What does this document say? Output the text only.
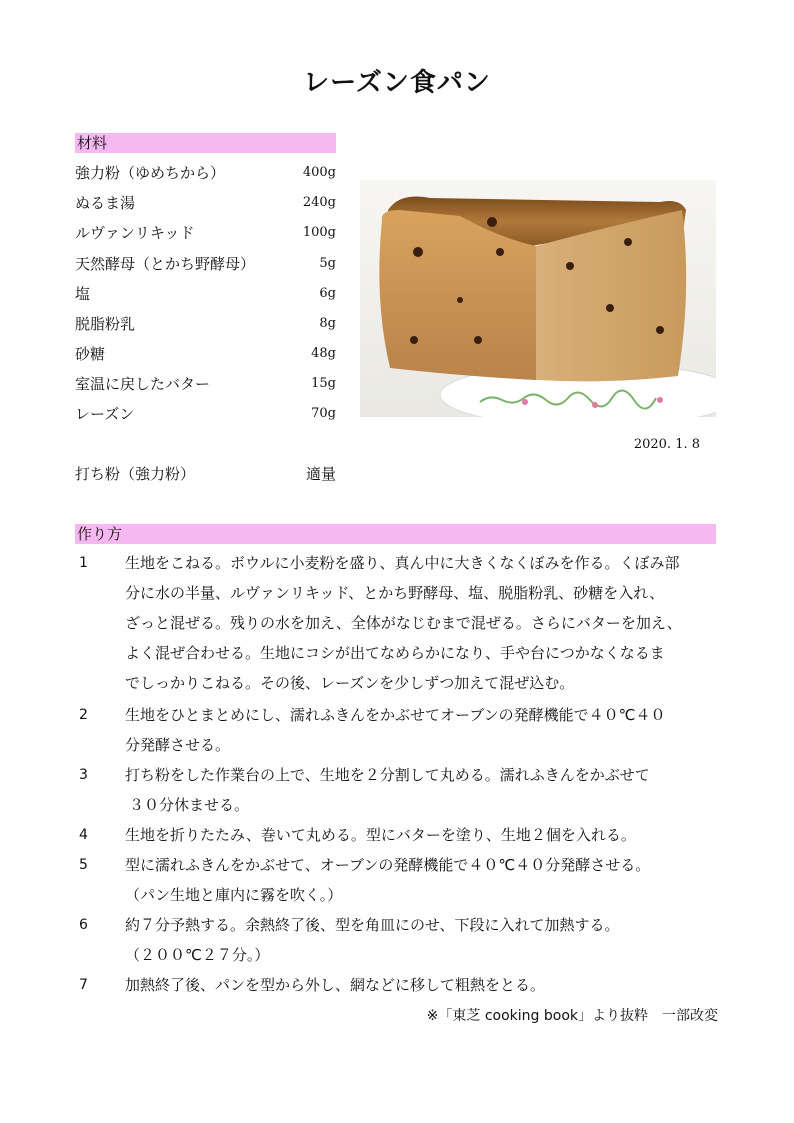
レーズン食パン
材料
強力粉（ゆめちから）	400g
ぬるま湯	240g
ルヴァンリキッド	100g
天然酵母（とかち野酵母）	5g
塩	6g
脱脂粉乳	8g
砂糖	48g
室温に戻したバター	15g
レーズン	70g
打ち粉（強力粉）	適量
2020. 1. 8
作り方
1 生地をこねる。ボウルに小麦粉を盛り、真ん中に大きくなくぼみを作る。くぼみ部
分に水の半量、ルヴァンリキッド、とかち野酵母、塩、脱脂粉乳、砂糖を入れ、
ざっと混ぜる。残りの水を加え、全体がなじむまで混ぜる。さらにバターを加え、
よく混ぜ合わせる。生地にコシが出てなめらかになり、手や台につかなくなるま
でしっかりこねる。その後、レーズンを少しずつ加えて混ぜ込む。
2 生地をひとまとめにし、濡れふきんをかぶせてオーブンの発酵機能で４０℃４０
分発酵させる。
3 打ち粉をした作業台の上で、生地を２分割して丸める。濡れふきんをかぶせて
３０分休ませる。
4 生地を折りたたみ、巻いて丸める。型にバターを塗り、生地２個を入れる。
5 型に濡れふきんをかぶせて、オーブンの発酵機能で４０℃４０分発酵させる。
（パン生地と庫内に霧を吹く。）
6 約７分予熱する。余熱終了後、型を角皿にのせ、下段に入れて加熱する。
（２００℃２７分。）
7 加熱終了後、パンを型から外し、網などに移して粗熱をとる。
※「東芝 cooking book」より抜粋　一部改変
